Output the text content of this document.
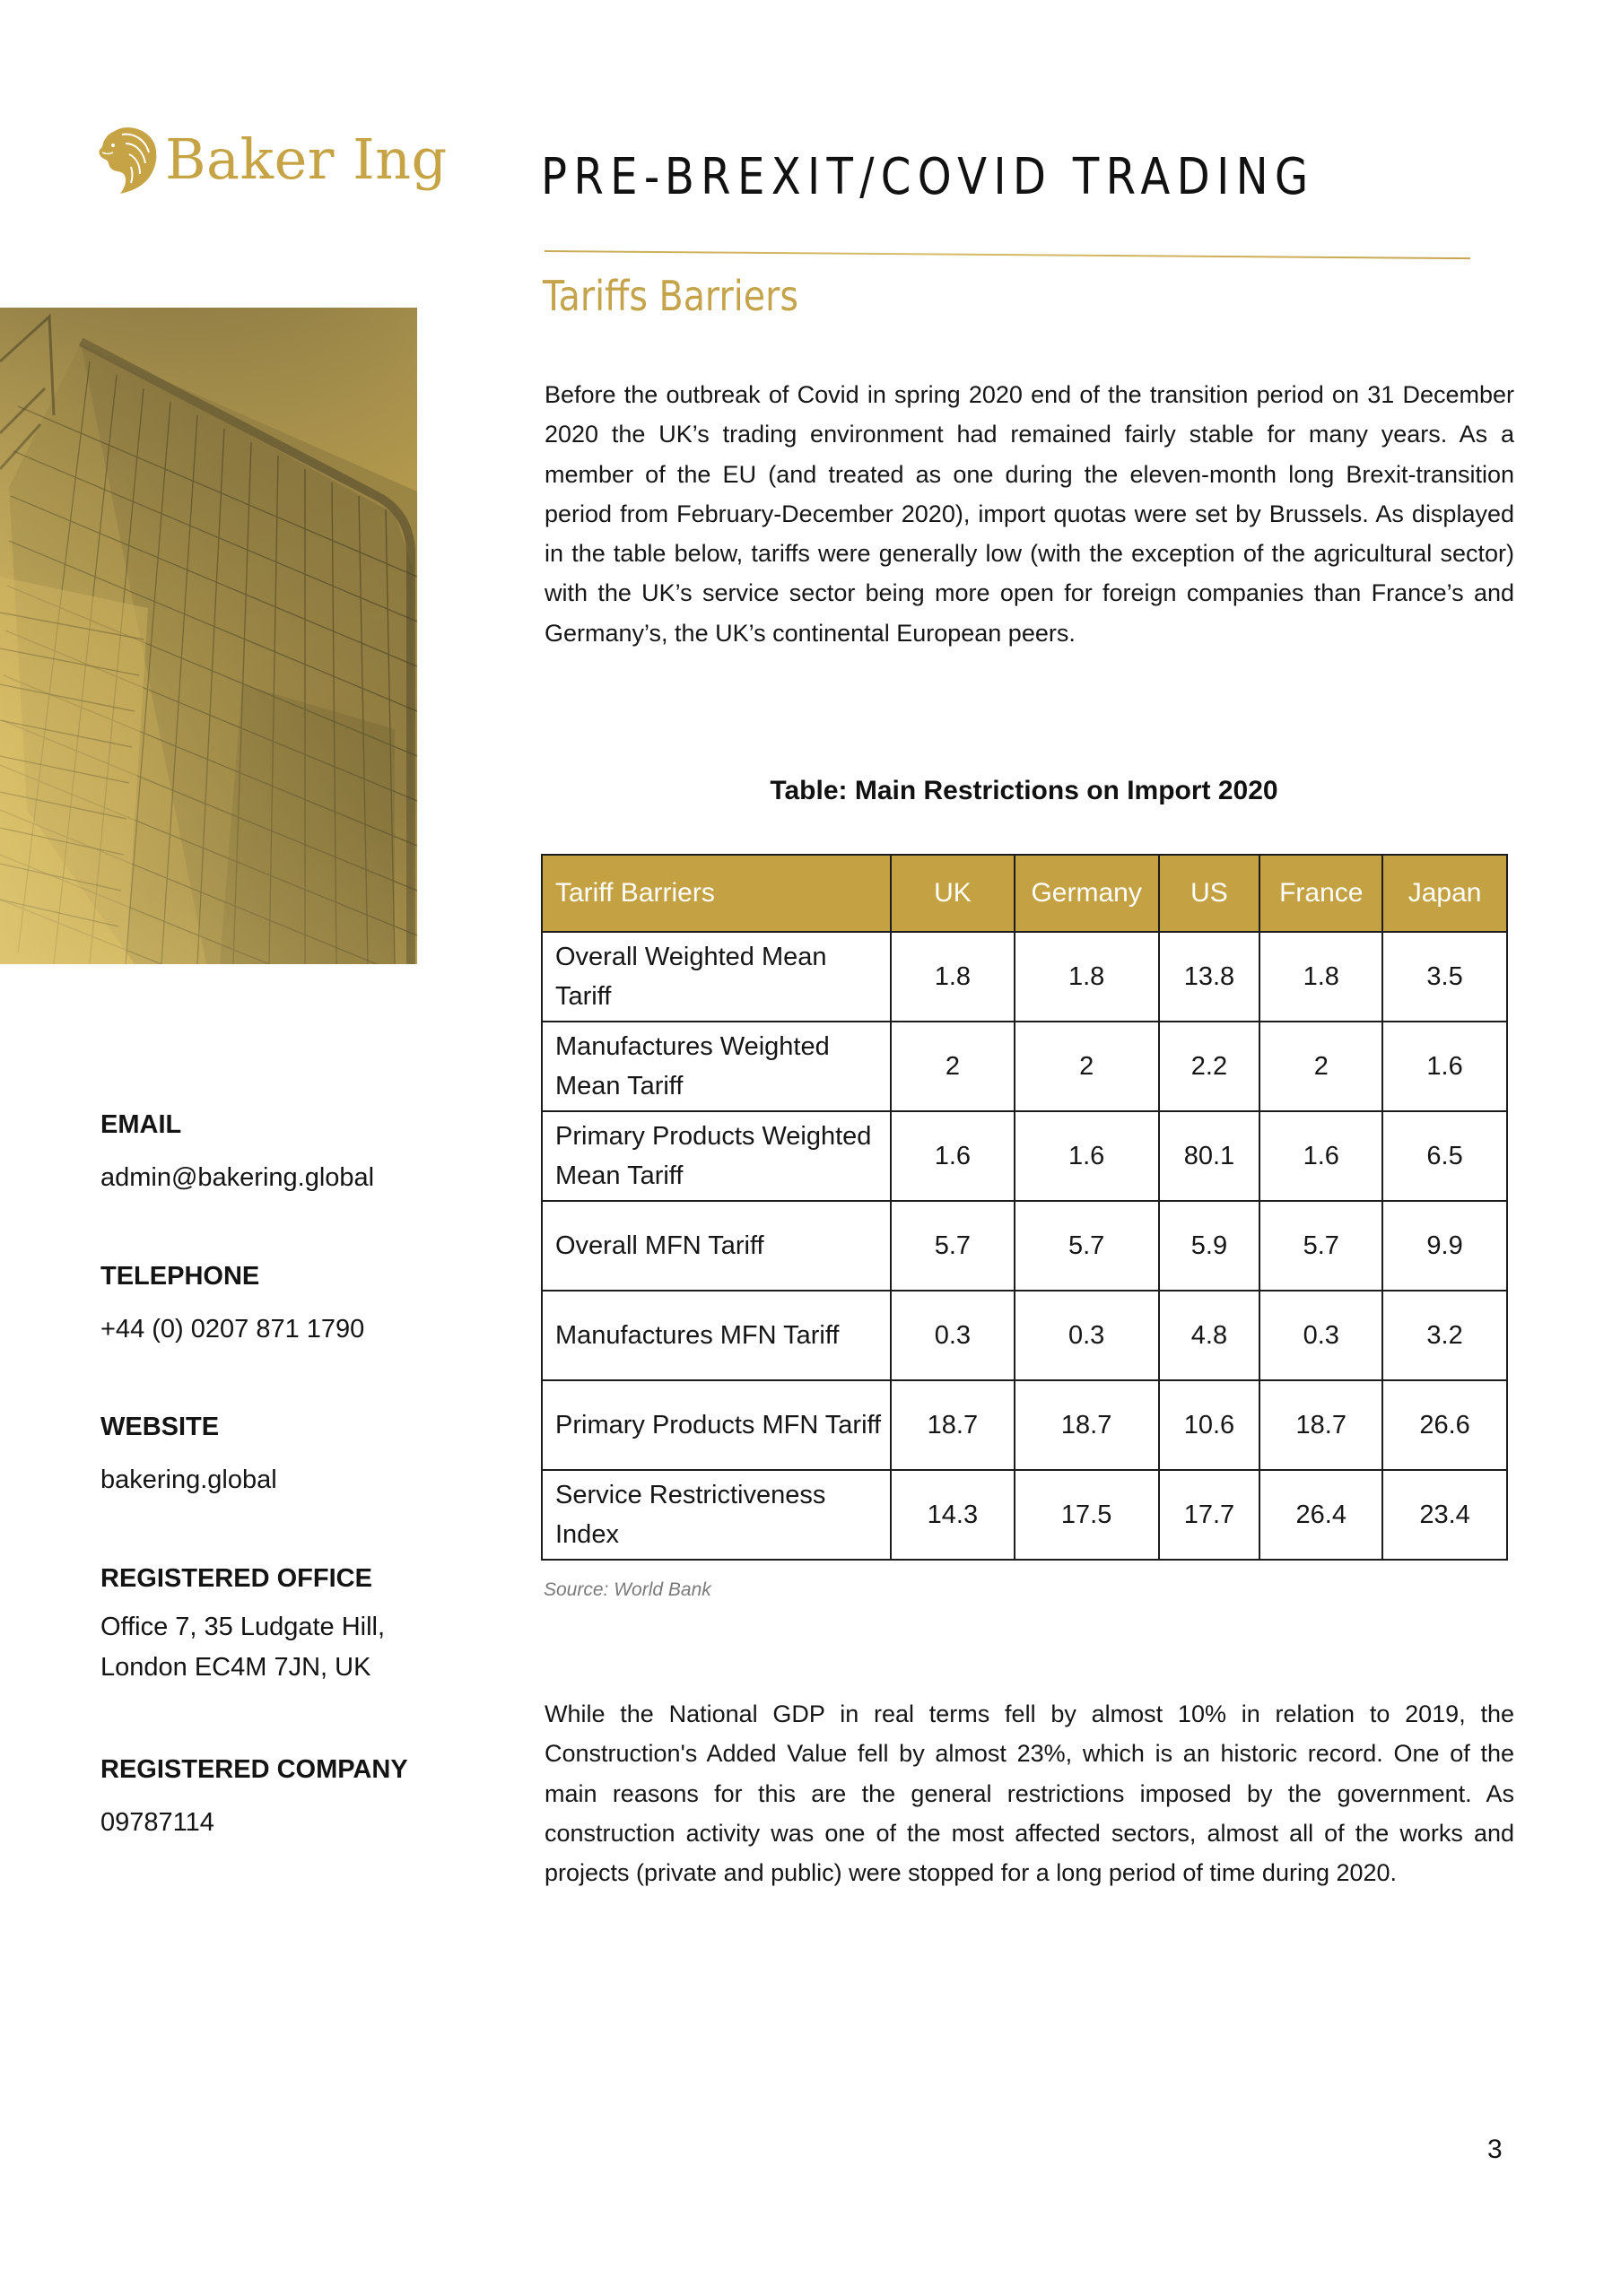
Baker Ing PRE-BREXIT/COVID TRADING
Tariffs Barriers

Before the outbreak of Covid in spring 2020 end of the transition period on 31 December 2020 the UK’s trading environment had remained fairly stable for many years. As a member of the EU (and treated as one during the eleven-month long Brexit-transition period from February-December 2020), import quotas were set by Brussels. As displayed in the table below, tariffs were generally low (with the exception of the agricultural sector) with the UK’s service sector being more open for foreign companies than France’s and Germany’s, the UK’s continental European peers.

Table: Main Restrictions on Import 2020
Tariff Barriers	UK	Germany	US	France	Japan
Overall Weighted Mean Tariff	1.8	1.8	13.8	1.8	3.5
Manufactures Weighted Mean Tariff	2	2	2.2	2	1.6
Primary Products Weighted Mean Tariff	1.6	1.6	80.1	1.6	6.5
Overall MFN Tariff	5.7	5.7	5.9	5.7	9.9
Manufactures MFN Tariff	0.3	0.3	4.8	0.3	3.2
Primary Products MFN Tariff	18.7	18.7	10.6	18.7	26.6
Service Restrictiveness Index	14.3	17.5	17.7	26.4	23.4
Source: World Bank

While the National GDP in real terms fell by almost 10% in relation to 2019, the Construction's Added Value fell by almost 23%, which is an historic record. One of the main reasons for this are the general restrictions imposed by the government. As construction activity was one of the most affected sectors, almost all of the works and projects (private and public) were stopped for a long period of time during 2020.

EMAIL
admin@bakering.global
TELEPHONE
+44 (0) 0207 871 1790
WEBSITE
bakering.global
REGISTERED OFFICE
Office 7, 35 Ludgate Hill,
London EC4M 7JN, UK
REGISTERED COMPANY
09787114
3
